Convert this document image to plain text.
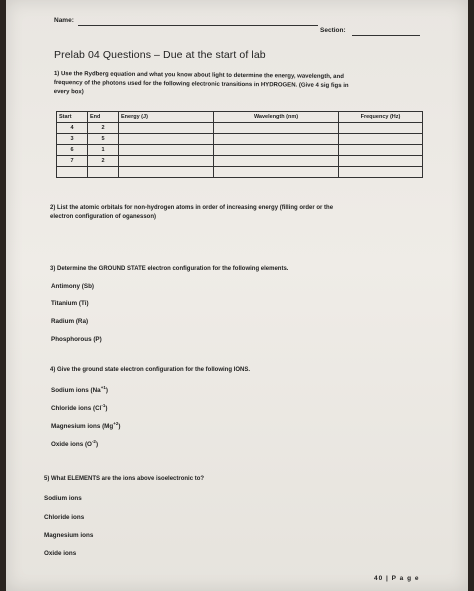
Name:
Section:
Prelab 04 Questions – Due at the start of lab
1) Use the Rydberg equation and what you know about light to determine the energy, wavelength, and
frequency of the photons used for the following electronic transitions in HYDROGEN. (Give 4 sig figs in
every box)
Start	End	Energy (J)	Wavelength (nm)	Frequency (Hz)
4	2			
3	5			
6	1			
7	2			

2) List the atomic orbitals for non-hydrogen atoms in order of increasing energy (filling order or the
electron configuration of oganesson)
3) Determine the GROUND STATE electron configuration for the following elements.
Antimony (Sb)
Titanium (Ti)
Radium (Ra)
Phosphorous (P)
4) Give the ground state electron configuration for the following IONS.
Sodium ions $(Na^{+1})$
Chloride ions $(Cl^{-1})$
Magnesium ions $(Mg^{+2})$
Oxide ions $(O^{-2})$
5) What ELEMENTS are the ions above isoelectronic to?
Sodium ions
Chloride ions
Magnesium ions
Oxide ions
40 | P a g e
